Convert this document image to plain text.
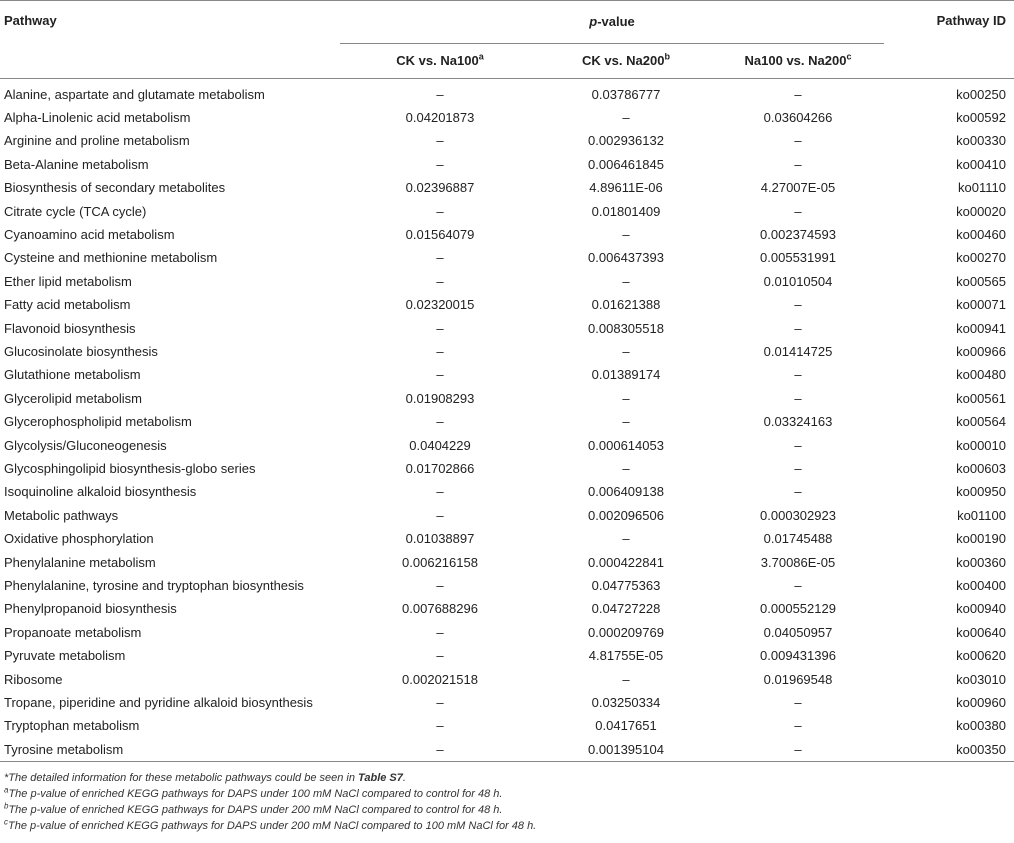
Pathway	p-value			Pathway ID
	CK vs. Na100$^a$	CK vs. Na200$^b$	Na100 vs. Na200$^c$	
Alanine, aspartate and glutamate metabolism	–	0.03786777	–	ko00250
Alpha-Linolenic acid metabolism	0.04201873	–	0.03604266	ko00592
Arginine and proline metabolism	–	0.002936132	–	ko00330
Beta-Alanine metabolism	–	0.006461845	–	ko00410
Biosynthesis of secondary metabolites	0.02396887	4.89611E-06	4.27007E-05	ko01110
Citrate cycle (TCA cycle)	–	0.01801409	–	ko00020
Cyanoamino acid metabolism	0.01564079	–	0.002374593	ko00460
Cysteine and methionine metabolism	–	0.006437393	0.005531991	ko00270
Ether lipid metabolism	–	–	0.01010504	ko00565
Fatty acid metabolism	0.02320015	0.01621388	–	ko00071
Flavonoid biosynthesis	–	0.008305518	–	ko00941
Glucosinolate biosynthesis	–	–	0.01414725	ko00966
Glutathione metabolism	–	0.01389174	–	ko00480
Glycerolipid metabolism	0.01908293	–	–	ko00561
Glycerophospholipid metabolism	–	–	0.03324163	ko00564
Glycolysis/Gluconeogenesis	0.0404229	0.000614053	–	ko00010
Glycosphingolipid biosynthesis-globo series	0.01702866	–	–	ko00603
Isoquinoline alkaloid biosynthesis	–	0.006409138	–	ko00950
Metabolic pathways	–	0.002096506	0.000302923	ko01100
Oxidative phosphorylation	0.01038897	–	0.01745488	ko00190
Phenylalanine metabolism	0.006216158	0.000422841	3.70086E-05	ko00360
Phenylalanine, tyrosine and tryptophan biosynthesis	–	0.04775363	–	ko00400
Phenylpropanoid biosynthesis	0.007688296	0.04727228	0.000552129	ko00940
Propanoate metabolism	–	0.000209769	0.04050957	ko00640
Pyruvate metabolism	–	4.81755E-05	0.009431396	ko00620
Ribosome	0.002021518	–	0.01969548	ko03010
Tropane, piperidine and pyridine alkaloid biosynthesis	–	0.03250334	–	ko00960
Tryptophan metabolism	–	0.0417651	–	ko00380
Tyrosine metabolism	–	0.001395104	–	ko00350
*The detailed information for these metabolic pathways could be seen in Table S7.
$^a$The p-value of enriched KEGG pathways for DAPS under 100 mM NaCl compared to control for 48 h.
$^b$The p-value of enriched KEGG pathways for DAPS under 200 mM NaCl compared to control for 48 h.
$^c$The p-value of enriched KEGG pathways for DAPS under 200 mM NaCl compared to 100 mM NaCl for 48 h.
